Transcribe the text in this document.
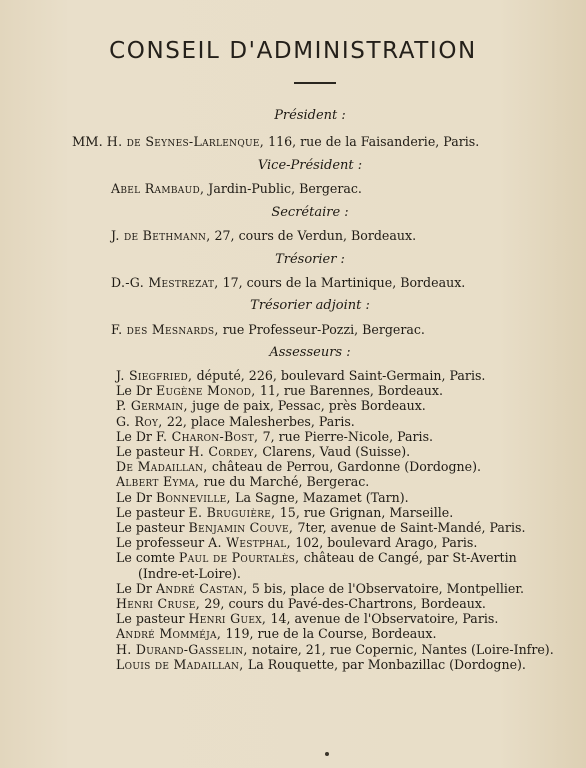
CONSEIL D'ADMINISTRATION
Président :
MM. H. de Seynes-Larlenque, 116, rue de la Faisanderie, Paris.
Vice-Président :
Abel Rambaud, Jardin-Public, Bergerac.
Secrétaire :
J. de Bethmann, 27, cours de Verdun, Bordeaux.
Trésorier :
D.-G. Mestrezat, 17, cours de la Martinique, Bordeaux.
Trésorier adjoint :
F. des Mesnards, rue Professeur-Pozzi, Bergerac.
Assesseurs :
J. Siegfried, député, 226, boulevard Saint-Germain, Paris.
Le Dr Eugène Monod, 11, rue Barennes, Bordeaux.
P. Germain, juge de paix, Pessac, près Bordeaux.
G. Roy, 22, place Malesherbes, Paris.
Le Dr F. Charon-Bost, 7, rue Pierre-Nicole, Paris.
Le pasteur H. Cordey, Clarens, Vaud (Suisse).
De Madaillan, château de Perrou, Gardonne (Dordogne).
Albert Eyma, rue du Marché, Bergerac.
Le Dr Bonneville, La Sagne, Mazamet (Tarn).
Le pasteur E. Bruguière, 15, rue Grignan, Marseille.
Le pasteur Benjamin Couve, 7ter, avenue de Saint-Mandé, Paris.
Le professeur A. Westphal, 102, boulevard Arago, Paris.
Le comte Paul de Pourtalès, château de Cangé, par St-Avertin
(Indre-et-Loire).
Le Dr André Castan, 5 bis, place de l'Observatoire, Montpellier.
Henri Cruse, 29, cours du Pavé-des-Chartrons, Bordeaux.
Le pasteur Henri Guex, 14, avenue de l'Observatoire, Paris.
André Momméja, 119, rue de la Course, Bordeaux.
H. Durand-Gasselin, notaire, 21, rue Copernic, Nantes (Loire-Infre).
Louis de Madaillan, La Rouquette, par Monbazillac (Dordogne).
